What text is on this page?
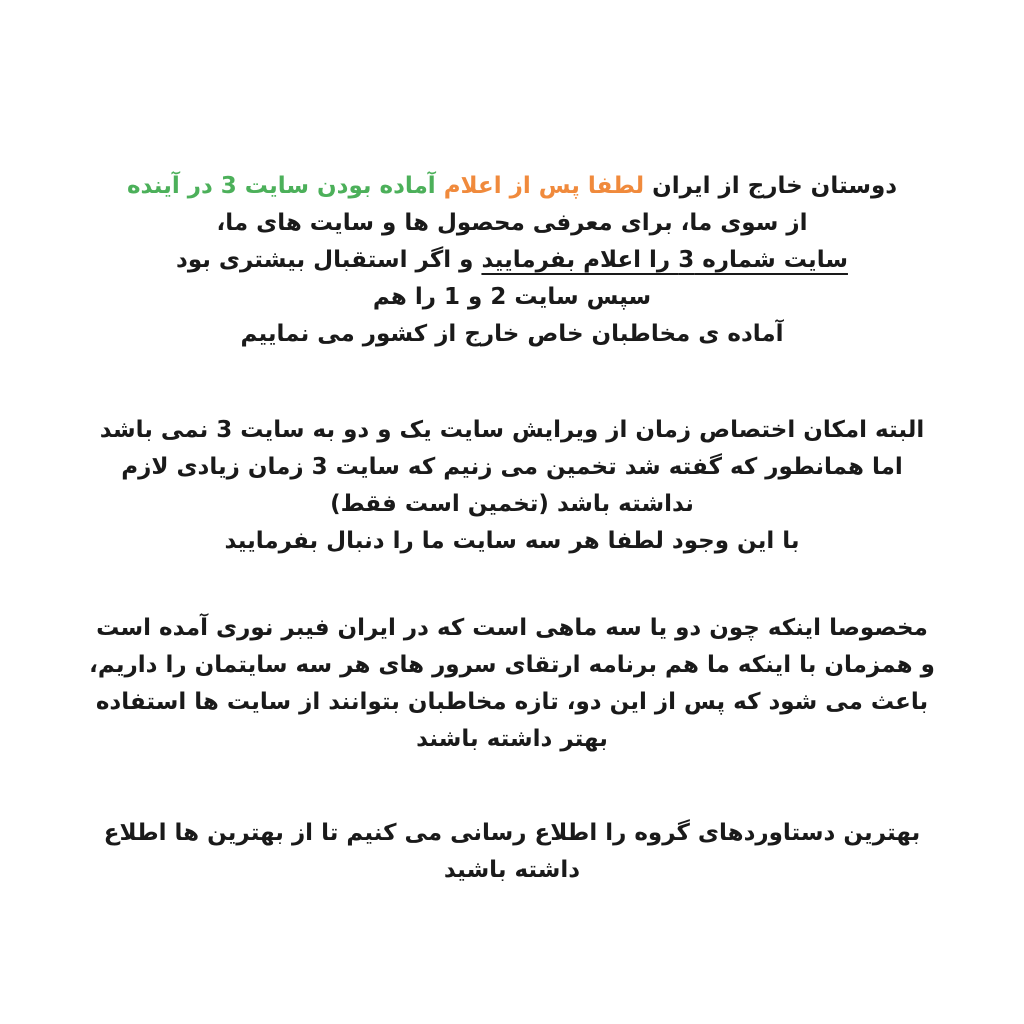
دوستان خارج از ایران لطفا پس از اعلام آماده بودن سایت 3 در آینده
از سوی ما، برای معرفی محصول ها و سایت های ما،
سایت شماره 3 را اعلام بفرمایید و اگر استقبال بیشتری بود
سپس سایت 2 و 1 را هم
آماده ی مخاطبان خاص خارج از کشور می نماییم
البته امکان اختصاص زمان از ویرایش سایت یک و دو به سایت 3 نمی باشد
اما همانطور که گفته شد تخمین می زنیم که سایت 3 زمان زیادی لازم
نداشته باشد (تخمین است فقط)
با این وجود لطفا هر سه سایت ما را دنبال بفرمایید
مخصوصا اینکه چون دو یا سه ماهی است که در ایران فیبر نوری آمده است
و همزمان با اینکه ما هم برنامه ارتقای سرور های هر سه سایتمان را داریم،
باعث می شود که پس از این دو، تازه مخاطبان بتوانند از سایت ها استفاده
بهتر داشته باشند
بهترین دستاوردهای گروه را اطلاع رسانی می کنیم تا از بهترین ها اطلاع
داشته باشید
